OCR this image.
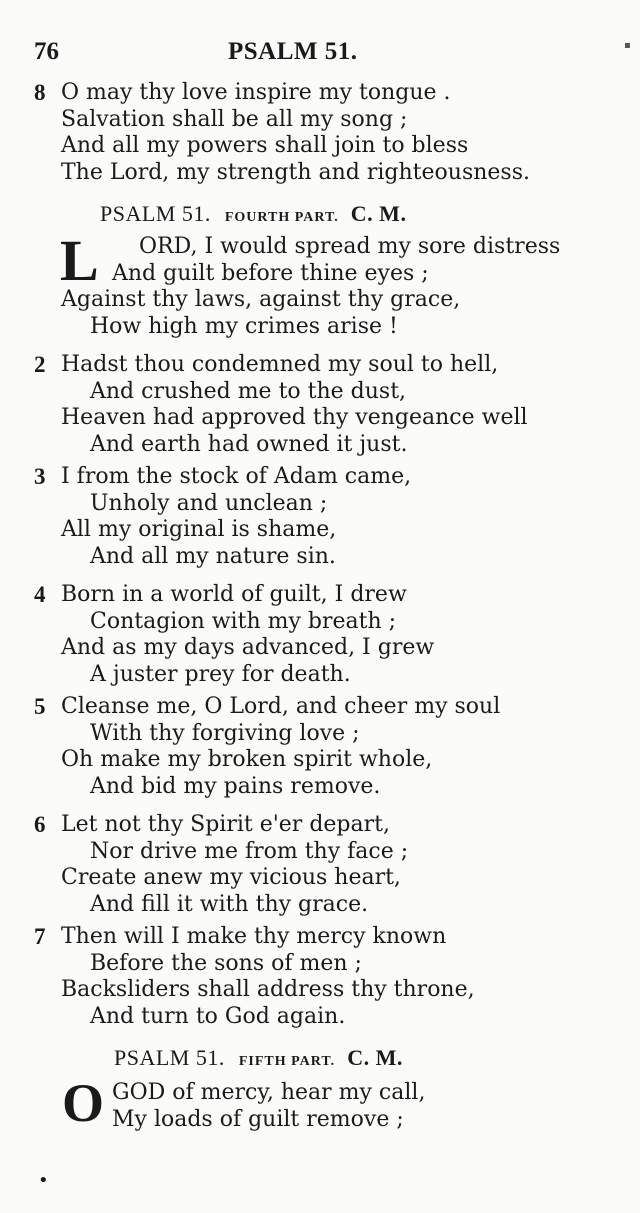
76	PSALM 51.	▪
8 O may thy love inspire my tongue .
Salvation shall be all my song ;
And all my powers shall join to bless
The Lord, my strength and righteousness.
PSALM 51. FOURTH PART. C. M.
L ORD, I would spread my sore distress
And guilt before thine eyes ;
Against thy laws, against thy grace,
How high my crimes arise !
2 Hadst thou condemned my soul to hell,
And crushed me to the dust,
Heaven had approved thy vengeance well
And earth had owned it just.
3 I from the stock of Adam came,
Unholy and unclean ;
All my original is shame,
And all my nature sin.
4 Born in a world of guilt, I drew
Contagion with my breath ;
And as my days advanced, I grew
A juster prey for death.
5 Cleanse me, O Lord, and cheer my soul
With thy forgiving love ;
Oh make my broken spirit whole,
And bid my pains remove.
6 Let not thy Spirit e'er depart,
Nor drive me from thy face ;
Create anew my vicious heart,
And fill it with thy grace.
7 Then will I make thy mercy known
Before the sons of men ;
Backsliders shall address thy throne,
And turn to God again.
PSALM 51. FIFTH PART. C. M.
O GOD of mercy, hear my call,
My loads of guilt remove ;
•
